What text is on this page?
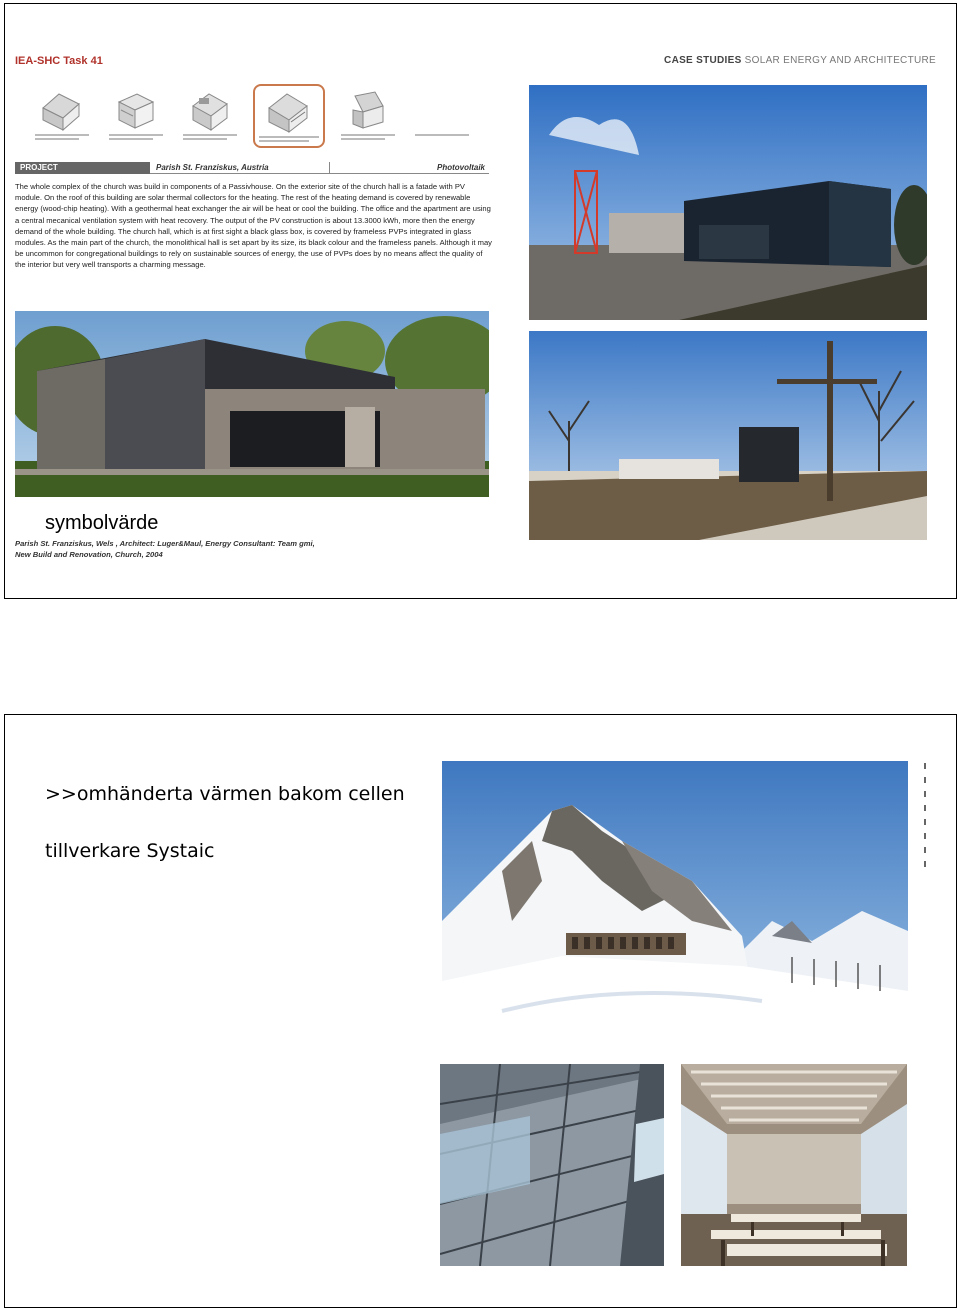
IEA-SHC Task 41	CASE STUDIES SOLAR ENERGY AND ARCHITECTURE
PROJECT	Parish St. Franziskus, Austria	Photovoltaik

The whole complex of the church was build in components of a Passivhouse. On the exterior site of the church hall is a fatade with PV module. On the roof of this building are solar thermal collectors for the heating. The rest of the heating demand is covered by renewable energy (wood-chip heating). With a geothermal heat exchanger the air will be heat or cool the building. The office and the apartment are using a central mecanical ventilation system with heat recovery. The output of the PV construction is about 13.3000 kWh, more then the energy demand of the whole building. The church hall, which is at first sight a black glass box, is covered by frameless PVPs integrated in glass modules. As the main part of the church, the monolithical hall is set apart by its size, its black colour and the frameless panels. Although it may be uncommon for congregational buildings to rely on sustainable sources of energy, the use of PVPs does by no means affect the quality of the interior but very well transports a charming message.

symbolvärde
Parish St. Franziskus, Wels , Architect: Luger&Maul, Energy Consultant: Team gmi,
New Build and Renovation, Church, 2004
>>omhänderta värmen bakom cellen
tillverkare Systaic
